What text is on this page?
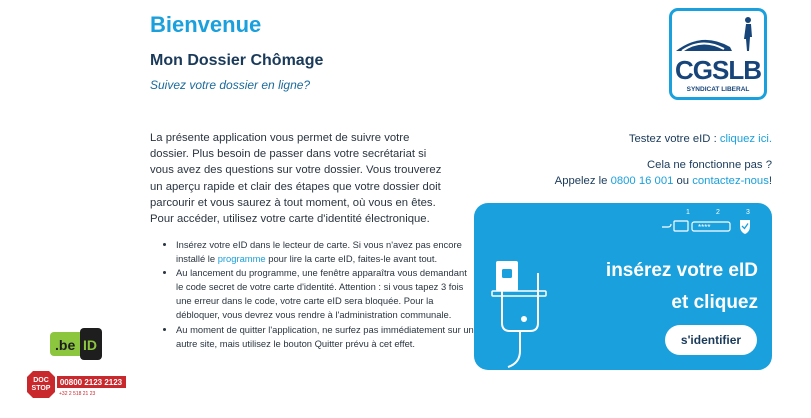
Bienvenue
Mon Dossier Chômage
Suivez votre dossier en ligne?
La présente application vous permet de suivre votre dossier. Plus besoin de passer dans votre secrétariat si vous avez des questions sur votre dossier. Vous trouverez un aperçu rapide et clair des étapes que votre dossier doit parcourir et vous saurez à tout moment, où vous en êtes. Pour accéder, utilisez votre carte d'identité électronique.
• Insérez votre eID dans le lecteur de carte. Si vous n'avez pas encore installé le programme pour lire la carte eID, faites-le avant tout.
• Au lancement du programme, une fenêtre apparaîtra vous demandant le code secret de votre carte d'identité. Attention : si vous tapez 3 fois une erreur dans le code, votre carte eID sera bloquée. Pour la débloquer, vous devrez vous rendre à l'administration communale.
• Au moment de quitter l'application, ne surfez pas immédiatement sur un autre site, mais utilisez le bouton Quitter prévu à cet effet.
CGSLB
SYNDICAT LIBERAL
Testez votre eID : cliquez ici.
Cela ne fonctionne pas ?
Appelez le 0800 16 001 ou contactez-nous!
1	2	3
****
insérez votre eID
et cliquez
s'identifier
.be ID
DOC
STOP
00800 2123 2123
+32 2 518 21 23
